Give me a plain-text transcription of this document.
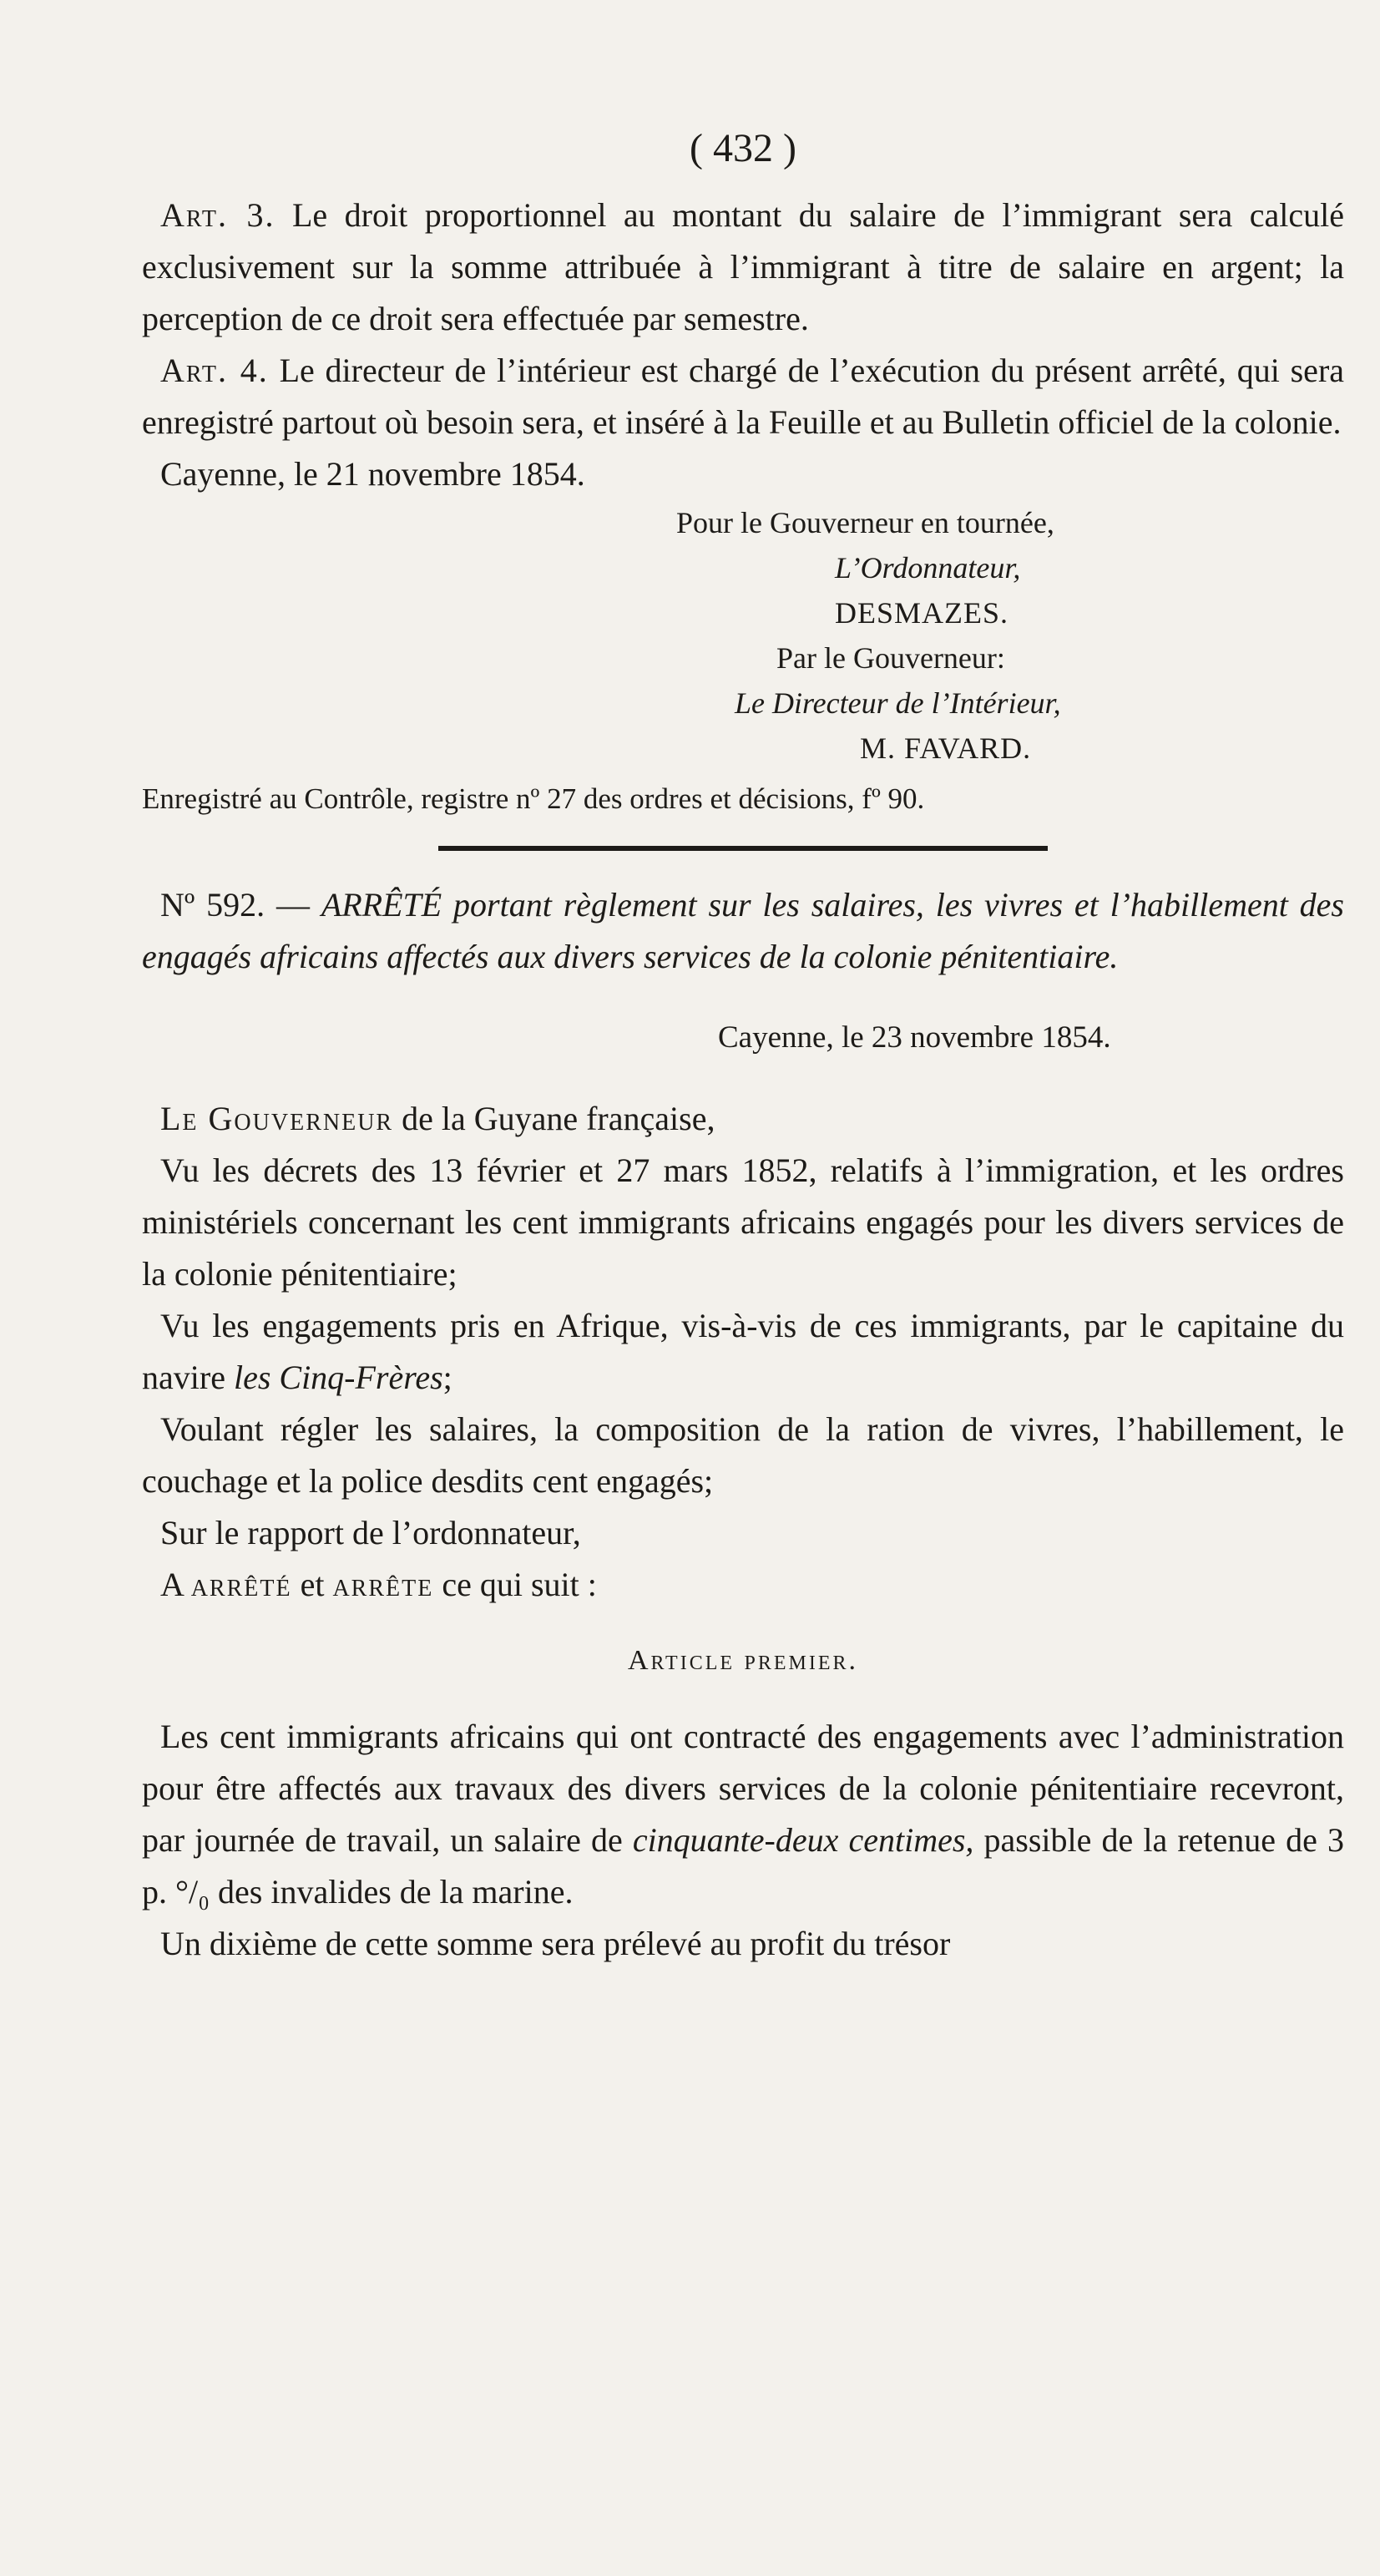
( 432 )

Art. 3. Le droit proportionnel au montant du salaire de l’immigrant sera calculé exclusivement sur la somme attribuée à l’immigrant à titre de salaire en argent; la perception de ce droit sera effectuée par semestre.

Art. 4. Le directeur de l’intérieur est chargé de l’exécution du présent arrêté, qui sera enregistré partout où besoin sera, et inséré à la Feuille et au Bulletin officiel de la colonie.

Cayenne, le 21 novembre 1854.

Pour le Gouverneur en tournée,

L’Ordonnateur,

DESMAZES.

Par le Gouverneur:

Le Directeur de l’Intérieur,

M. FAVARD.

Enregistré au Contrôle, registre nº 27 des ordres et décisions, fº 90.

Nº 592. — ARRÊTÉ portant règlement sur les salaires, les vivres et l’habillement des engagés africains affectés aux divers services de la colonie pénitentiaire.

Cayenne, le 23 novembre 1854.

Le Gouverneur de la Guyane française,

Vu les décrets des 13 février et 27 mars 1852, relatifs à l’immigration, et les ordres ministériels concernant les cent immigrants africains engagés pour les divers services de la colonie pénitentiaire;

Vu les engagements pris en Afrique, vis-à-vis de ces immigrants, par le capitaine du navire les Cinq-Frères;

Voulant régler les salaires, la composition de la ration de vivres, l’habillement, le couchage et la police desdits cent engagés;

Sur le rapport de l’ordonnateur,

A arrêté et arrête ce qui suit :

Article premier.

Les cent immigrants africains qui ont contracté des engagements avec l’administration pour être affectés aux travaux des divers services de la colonie pénitentiaire recevront, par journée de travail, un salaire de cinquante-deux centimes, passible de la retenue de 3 p. °/₀ des invalides de la marine.

Un dixième de cette somme sera prélevé au profit du trésor
